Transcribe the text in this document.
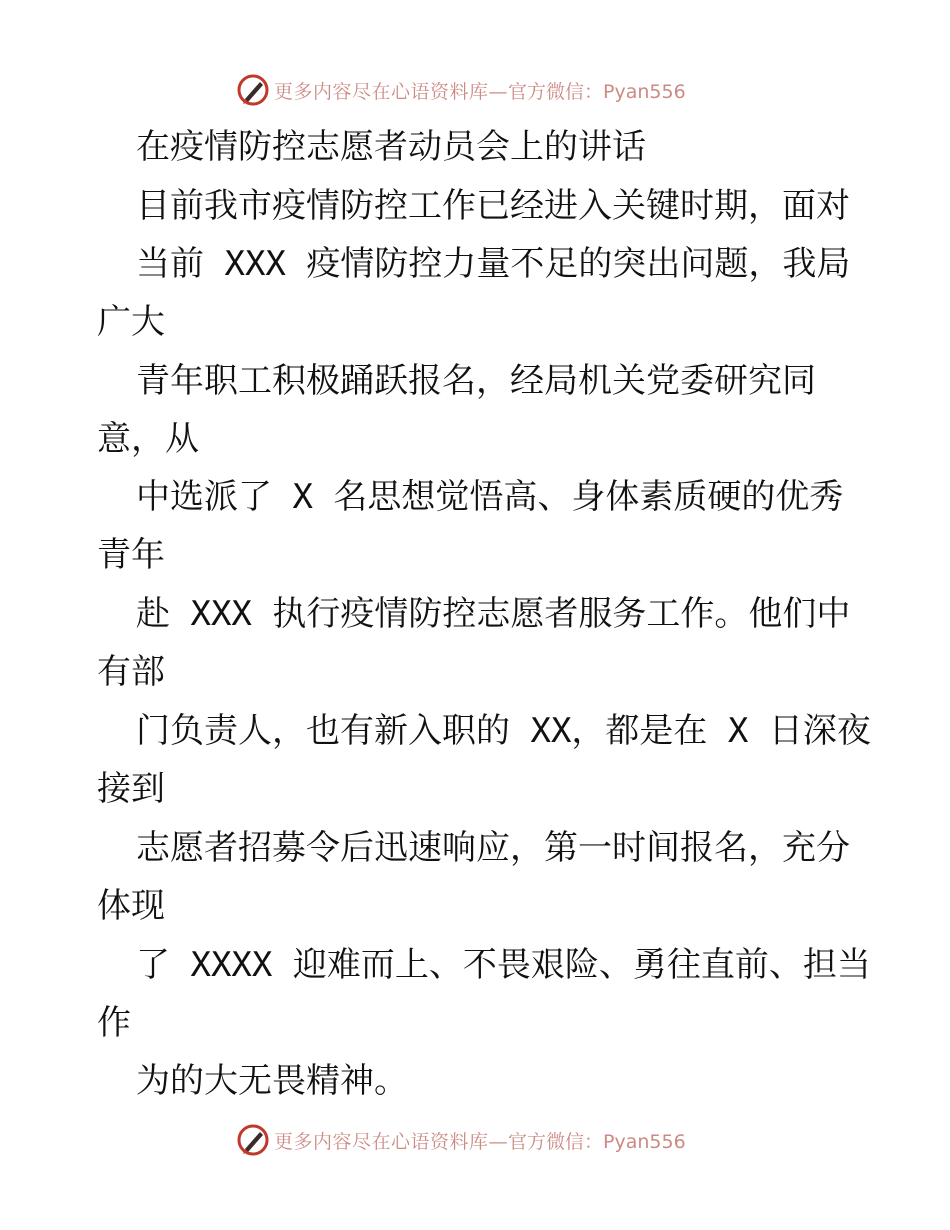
更多内容尽在心语资料库— 官方微信：Pyan556
在疫情防控志愿者动员会上的讲话
目前我市疫情防控工作已经进入关键时期，面对
当前 XXX 疫情防控力量不足的突出问题，我局
广大
青年职工积极踊跃报名，经局机关党委研究同
意，从
中选派了 X 名思想觉悟高、身体素质硬的优秀
青年
赴 XXX 执行疫情防控志愿者服务工作。他们中
有部
门负责人，也有新入职的 XX，都是在 X 日深夜
接到
志愿者招募令后迅速响应，第一时间报名，充分
体现
了 XXXX 迎难而上、不畏艰险、勇往直前、担当
作
为的大无畏精神。
更多内容尽在心语资料库— 官方微信：Pyan556
